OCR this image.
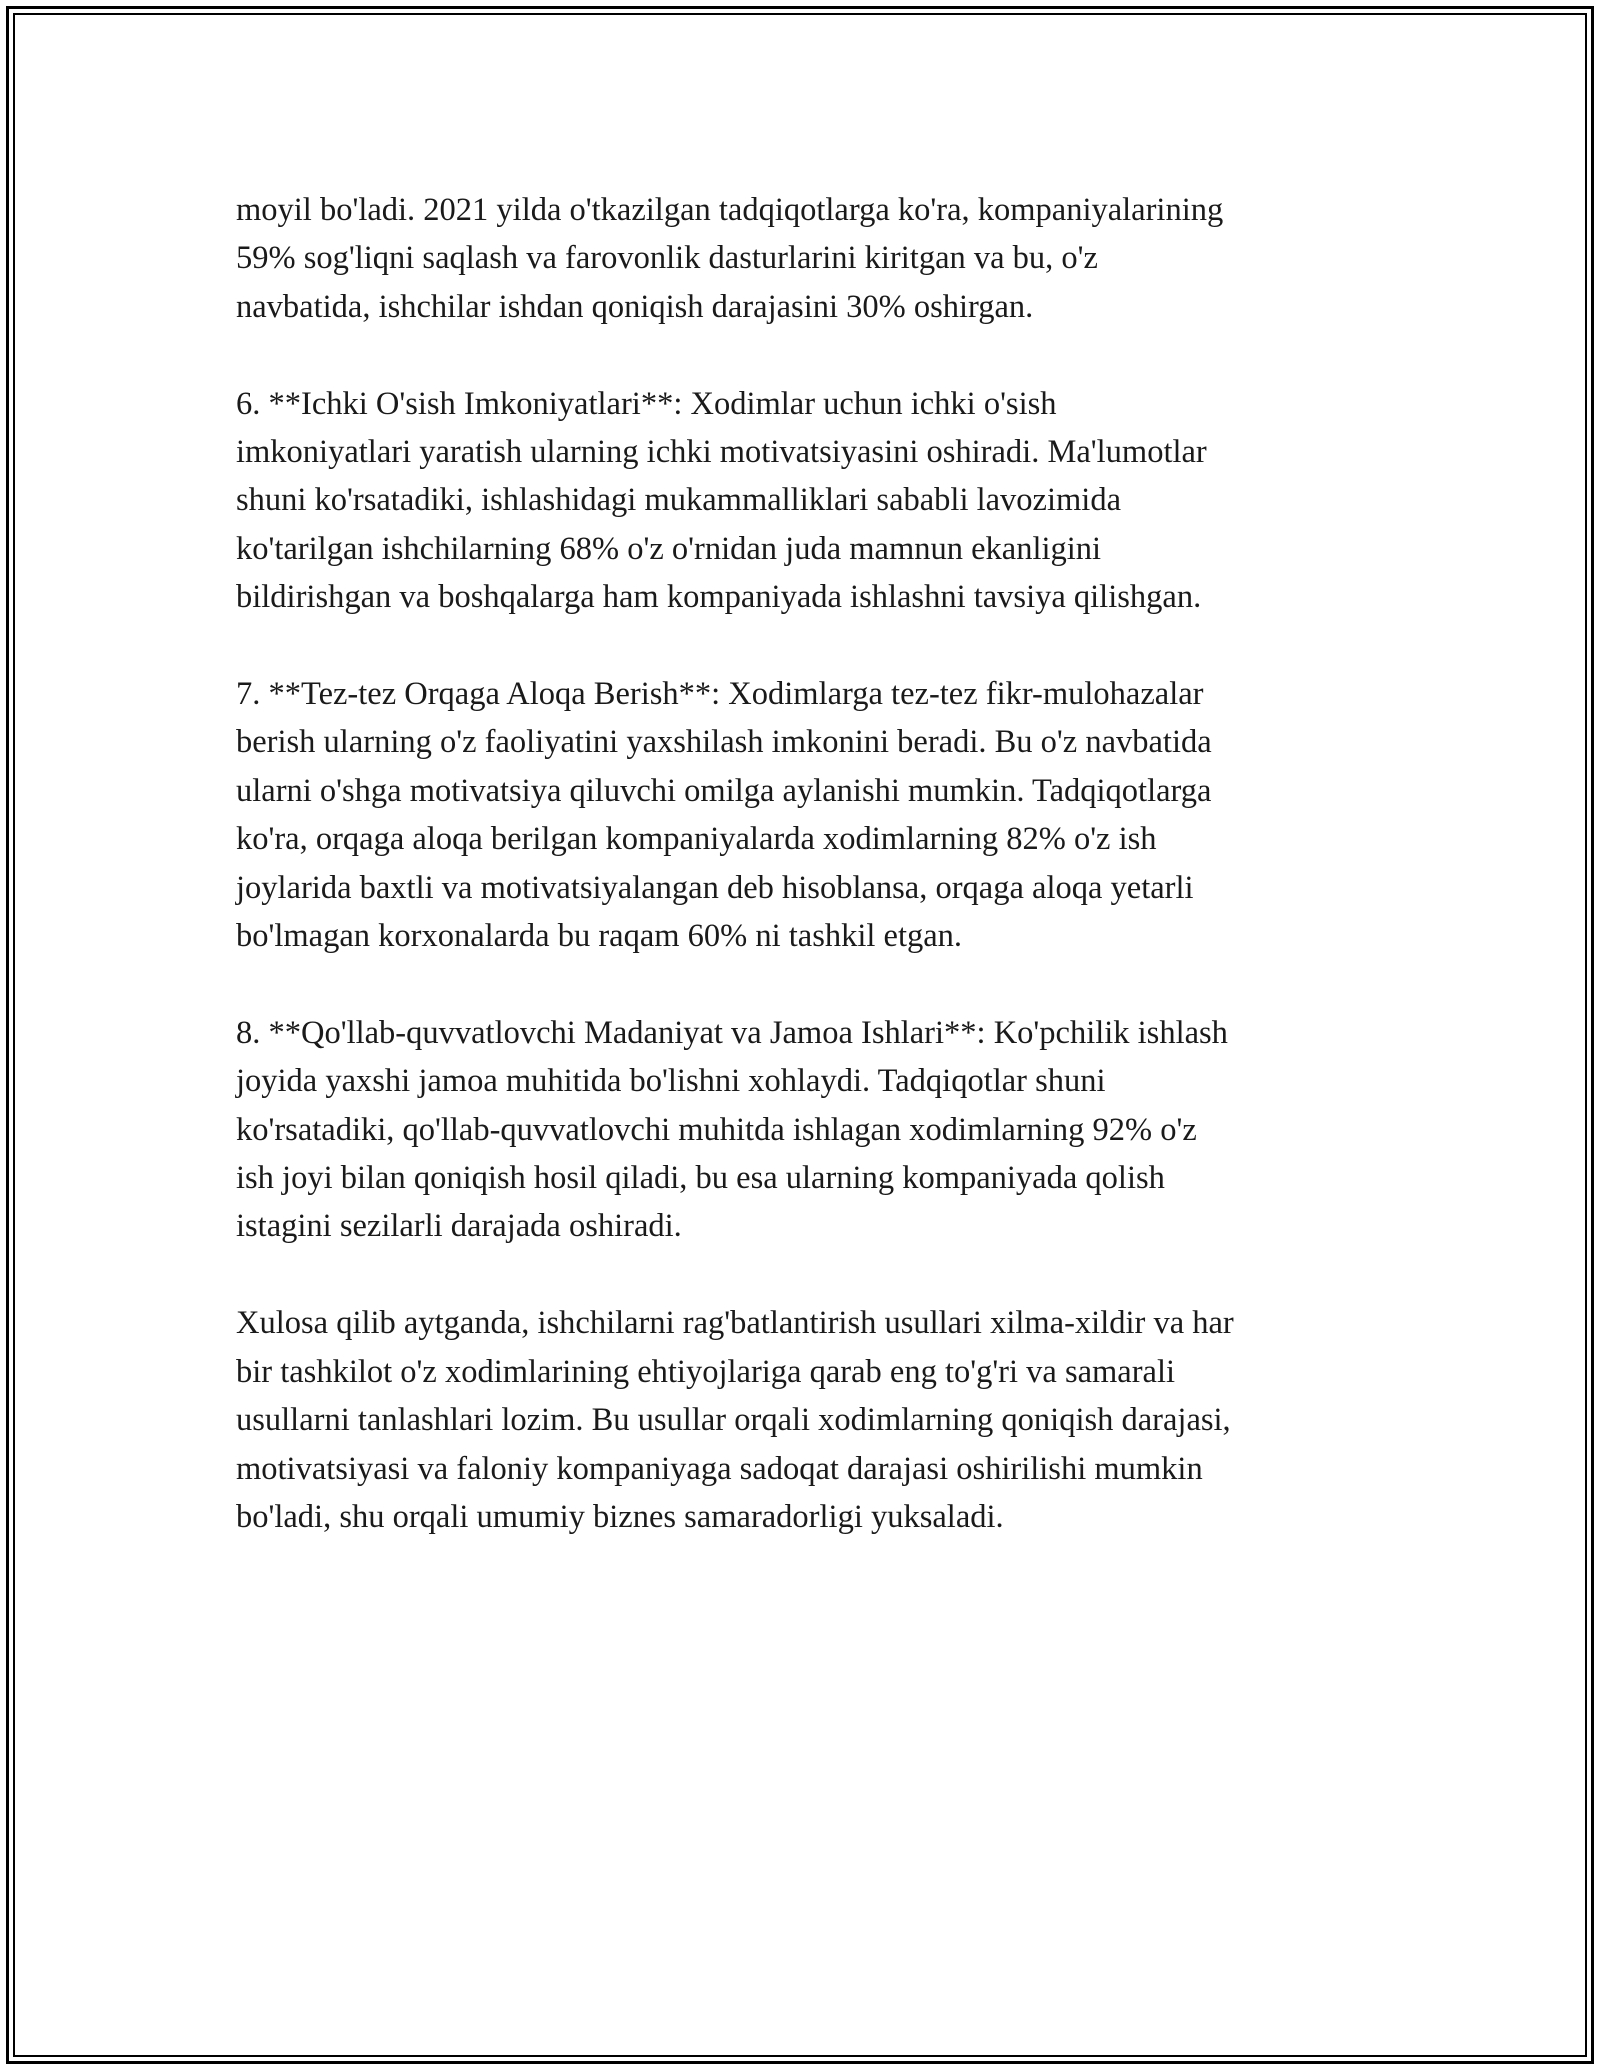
moyil bo'ladi. 2021 yilda o'tkazilgan tadqiqotlarga ko'ra, kompaniyalarining
59% sog'liqni saqlash va farovonlik dasturlarini kiritgan va bu, o'z
navbatida, ishchilar ishdan qoniqish darajasini 30% oshirgan.

6. **Ichki O'sish Imkoniyatlari**: Xodimlar uchun ichki o'sish
imkoniyatlari yaratish ularning ichki motivatsiyasini oshiradi. Ma'lumotlar
shuni ko'rsatadiki, ishlashidagi mukammalliklari sababli lavozimida
ko'tarilgan ishchilarning 68% o'z o'rnidan juda mamnun ekanligini
bildirishgan va boshqalarga ham kompaniyada ishlashni tavsiya qilishgan.

7. **Tez-tez Orqaga Aloqa Berish**: Xodimlarga tez-tez fikr-mulohazalar
berish ularning o'z faoliyatini yaxshilash imkonini beradi. Bu o'z navbatida
ularni o'shga motivatsiya qiluvchi omilga aylanishi mumkin. Tadqiqotlarga
ko'ra, orqaga aloqa berilgan kompaniyalarda xodimlarning 82% o'z ish
joylarida baxtli va motivatsiyalangan deb hisoblansa, orqaga aloqa yetarli
bo'lmagan korxonalarda bu raqam 60% ni tashkil etgan.

8. **Qo'llab-quvvatlovchi Madaniyat va Jamoa Ishlari**: Ko'pchilik ishlash
joyida yaxshi jamoa muhitida bo'lishni xohlaydi. Tadqiqotlar shuni
ko'rsatadiki, qo'llab-quvvatlovchi muhitda ishlagan xodimlarning 92% o'z
ish joyi bilan qoniqish hosil qiladi, bu esa ularning kompaniyada qolish
istagini sezilarli darajada oshiradi.

Xulosa qilib aytganda, ishchilarni rag'batlantirish usullari xilma-xildir va har
bir tashkilot o'z xodimlarining ehtiyojlariga qarab eng to'g'ri va samarali
usullarni tanlashlari lozim. Bu usullar orqali xodimlarning qoniqish darajasi,
motivatsiyasi va faloniy kompaniyaga sadoqat darajasi oshirilishi mumkin
bo'ladi, shu orqali umumiy biznes samaradorligi yuksaladi.
